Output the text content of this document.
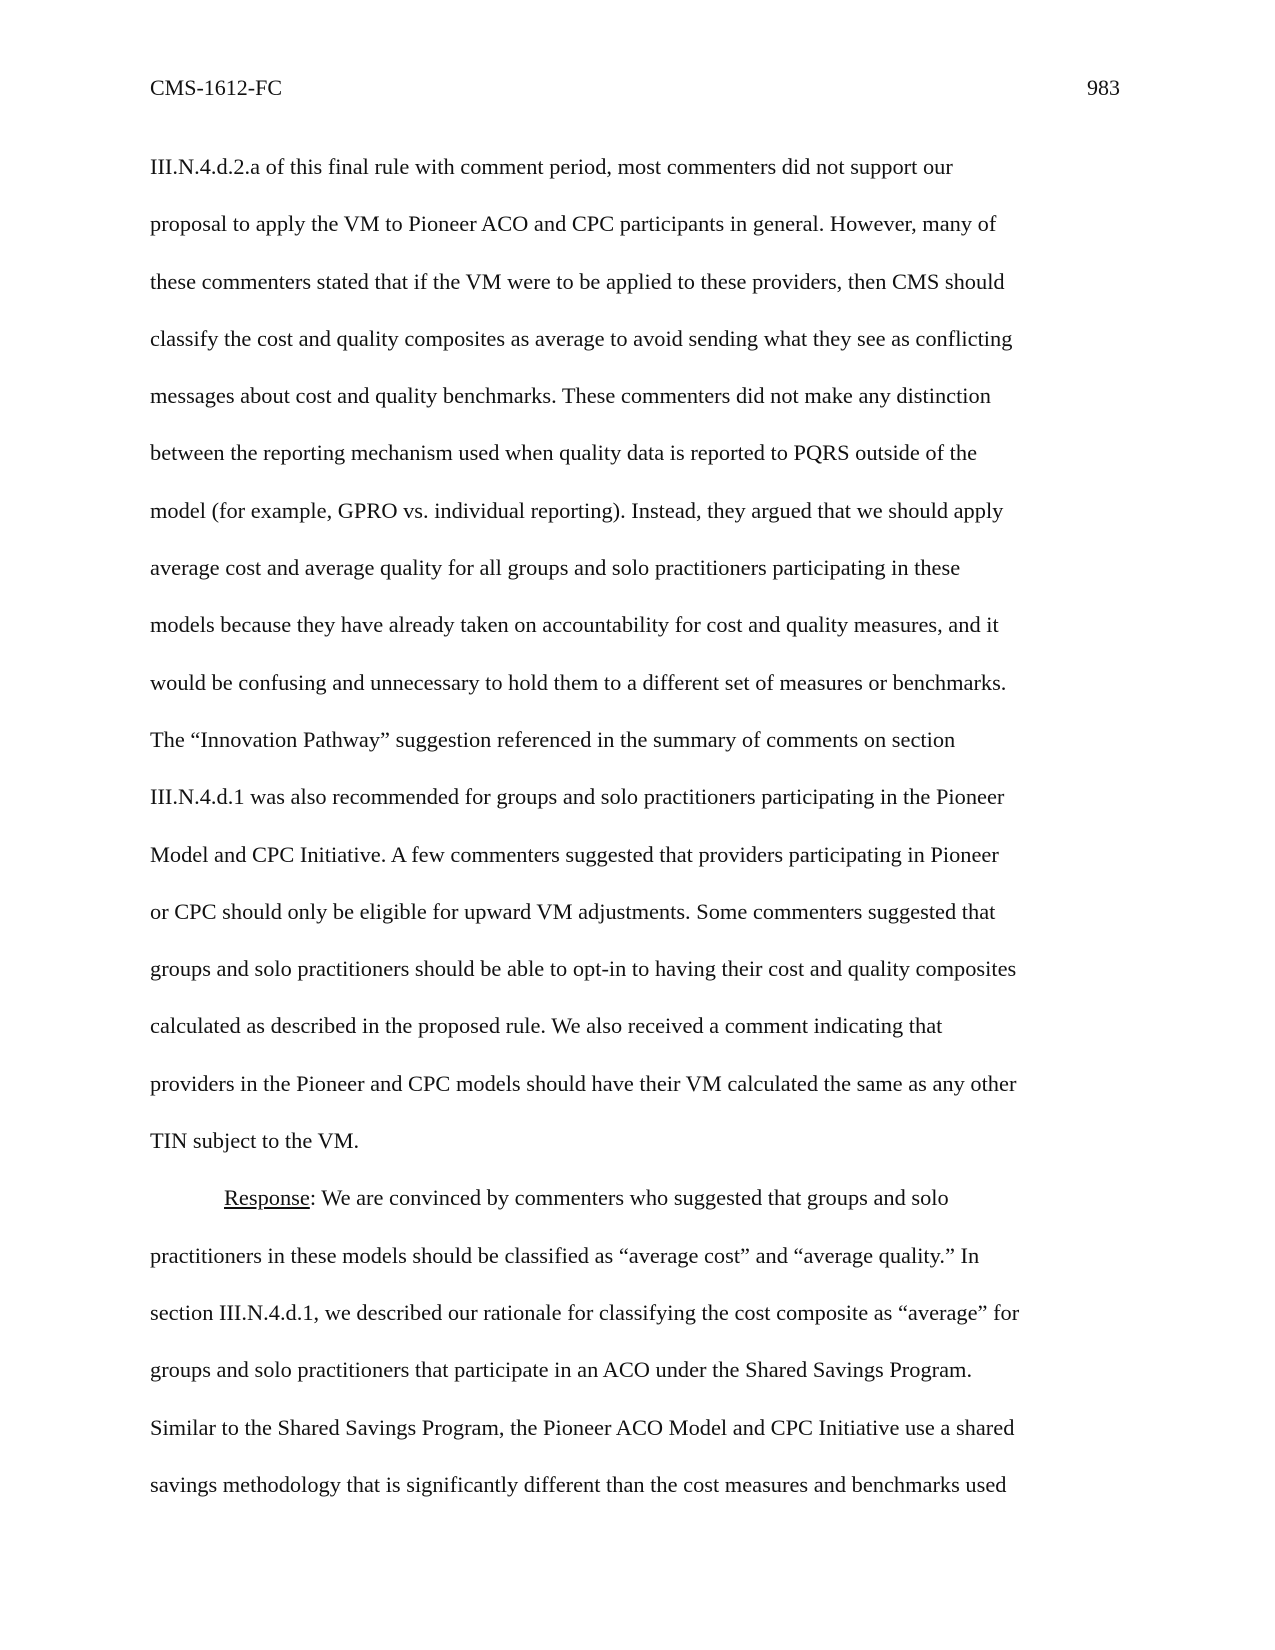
CMS-1612-FC	983
III.N.4.d.2.a of this final rule with comment period, most commenters did not support our
proposal to apply the VM to Pioneer ACO and CPC participants in general. However, many of
these commenters stated that if the VM were to be applied to these providers, then CMS should
classify the cost and quality composites as average to avoid sending what they see as conflicting
messages about cost and quality benchmarks. These commenters did not make any distinction
between the reporting mechanism used when quality data is reported to PQRS outside of the
model (for example, GPRO vs. individual reporting). Instead, they argued that we should apply
average cost and average quality for all groups and solo practitioners participating in these
models because they have already taken on accountability for cost and quality measures, and it
would be confusing and unnecessary to hold them to a different set of measures or benchmarks.
The “Innovation Pathway” suggestion referenced in the summary of comments on section
III.N.4.d.1 was also recommended for groups and solo practitioners participating in the Pioneer
Model and CPC Initiative. A few commenters suggested that providers participating in Pioneer
or CPC should only be eligible for upward VM adjustments. Some commenters suggested that
groups and solo practitioners should be able to opt-in to having their cost and quality composites
calculated as described in the proposed rule. We also received a comment indicating that
providers in the Pioneer and CPC models should have their VM calculated the same as any other
TIN subject to the VM.
Response: We are convinced by commenters who suggested that groups and solo
practitioners in these models should be classified as “average cost” and “average quality.” In
section III.N.4.d.1, we described our rationale for classifying the cost composite as “average” for
groups and solo practitioners that participate in an ACO under the Shared Savings Program.
Similar to the Shared Savings Program, the Pioneer ACO Model and CPC Initiative use a shared
savings methodology that is significantly different than the cost measures and benchmarks used
